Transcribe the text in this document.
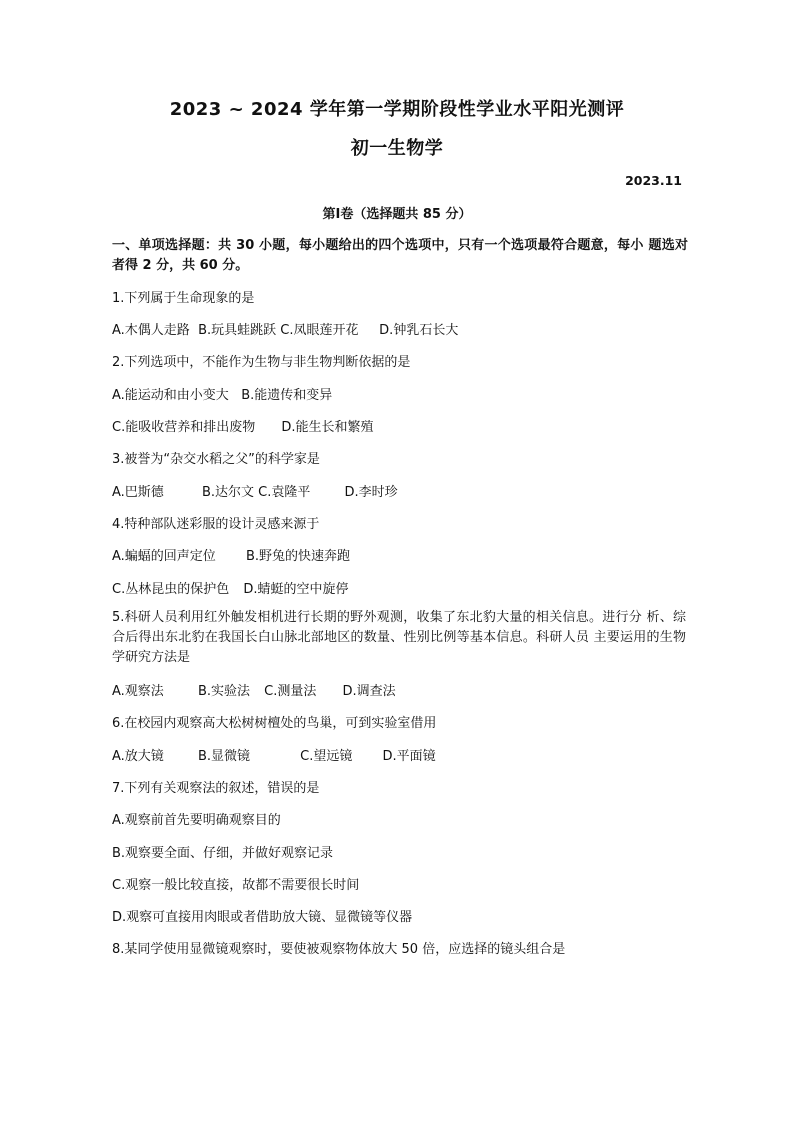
2023 ~ 2024 学年第一学期阶段性学业水平阳光测评
初一生物学
2023.11
第Ⅰ卷（选择题共 85 分）
一、单项选择题：共 30 小题，每小题给出的四个选项中，只有一个选项最符合题意，每小 题选对者得 2 分，共 60 分。
1.下列属于生命现象的是
A.木偶人走路 B.玩具蛙跳跃 C.凤眼莲开花 D.钟乳石长大
2.下列选项中，不能作为生物与非生物判断依据的是
A.能运动和由小变大 B.能遗传和变异
C.能吸收营养和排出废物 D.能生长和繁殖
3.被誉为“杂交水稻之父”的科学家是
A.巴斯德	B.达尔文 C.袁隆平	D.李时珍
4.特种部队迷彩服的设计灵感来源于
A.蝙蝠的回声定位 B.野兔的快速奔跑
C.丛林昆虫的保护色 D.蜻蜓的空中旋停
5.科研人员利用红外触发相机进行长期的野外观测，收集了东北豹大量的相关信息。进行分 析、综合后得出东北豹在我国长白山脉北部地区的数量、性别比例等基本信息。科研人员 主要运用的生物学研究方法是
A.观察法	B.实验法 C.测量法 D.调查法
6.在校园内观察高大松树树檀处的鸟巢，可到实验室借用
A.放大镜	B.显微镜	C.望远镜 D.平面镜
7.下列有关观察法的叙述，错误的是
A.观察前首先要明确观察目的
B.观察要全面、仔细，并做好观察记录
C.观察一般比较直接，故都不需要很长时间
D.观察可直接用肉眼或者借助放大镜、显微镜等仪器
8.某同学使用显微镜观察时，要使被观察物体放大 50 倍，应选择的镜头组合是
